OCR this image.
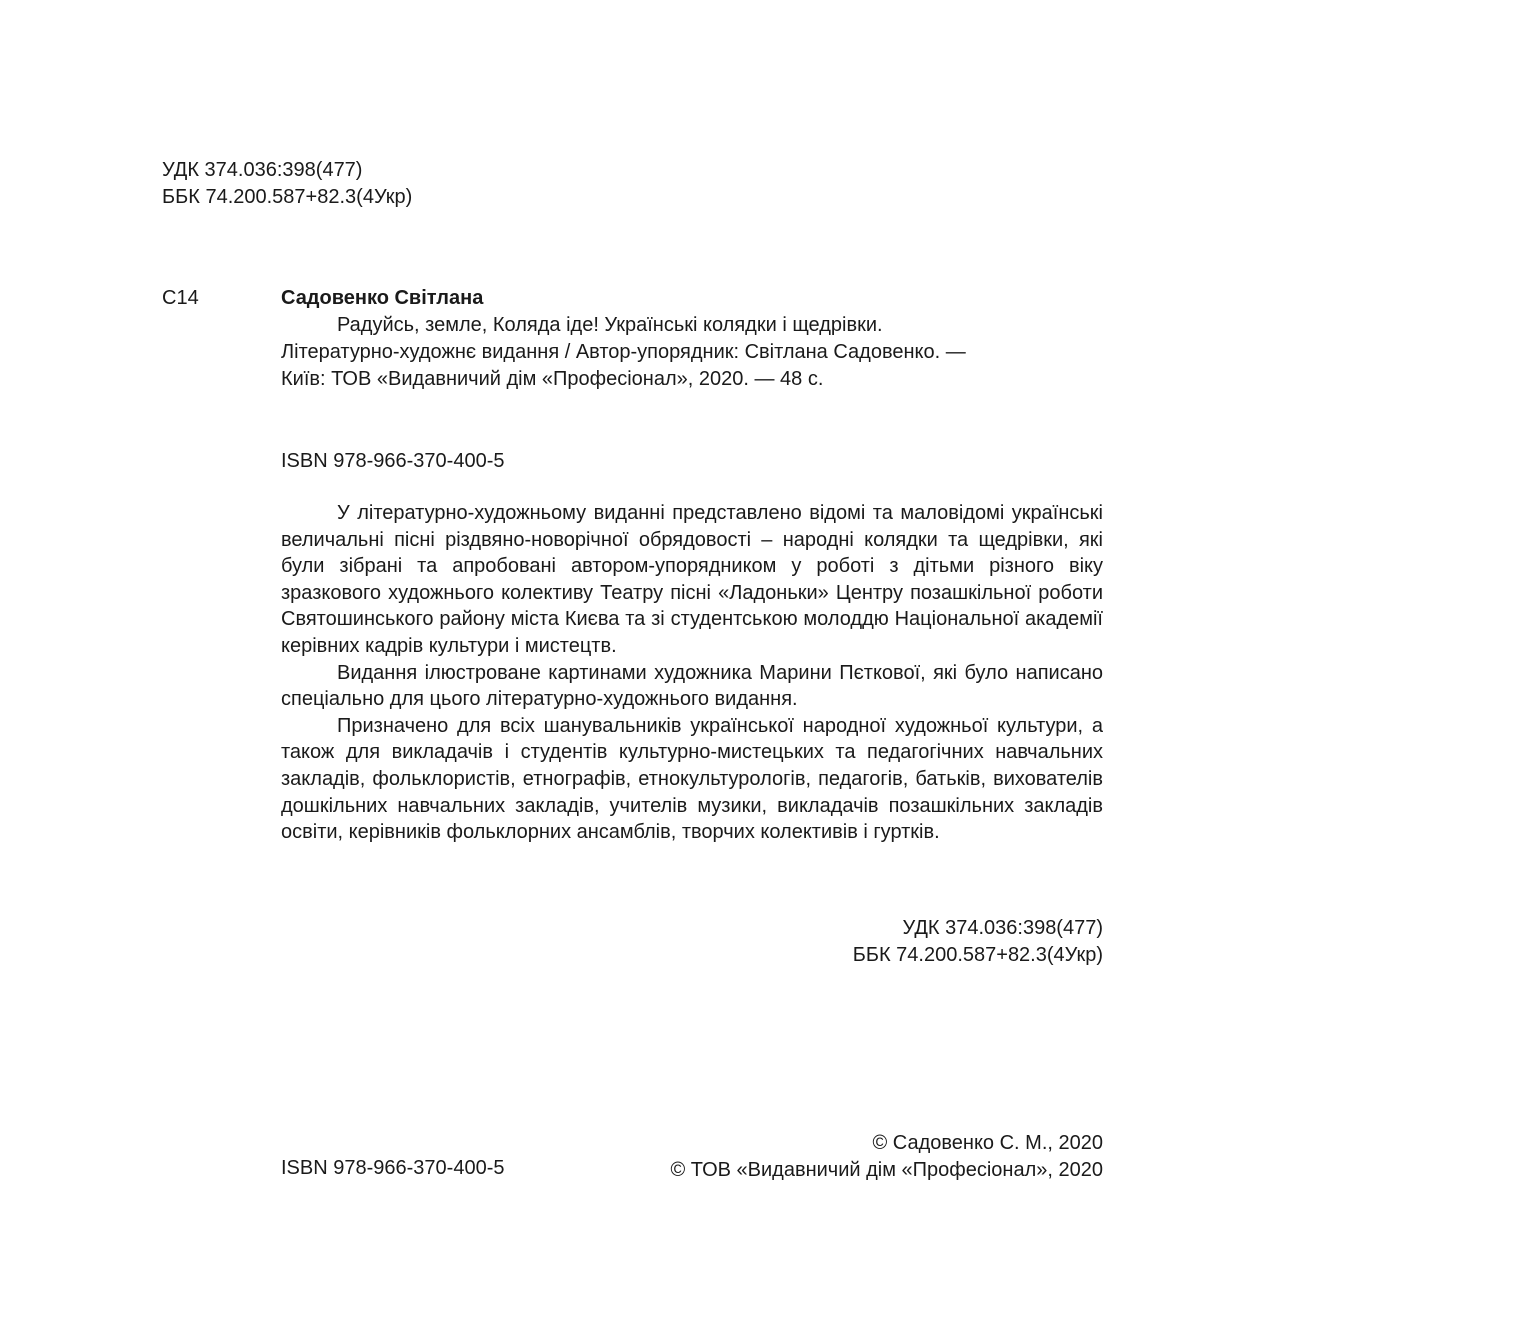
УДК 374.036:398(477)
ББК 74.200.587+82.3(4Укр)
С14	Садовенко Світлана
Радуйсь, земле, Коляда іде! Українські колядки і щедрівки.
Літературно-художнє видання / Автор-упорядник: Світлана Садовенко. —
Київ: ТОВ «Видавничий дім «Професіонал», 2020. — 48 с.
ISBN 978-966-370-400-5

У літературно-художньому виданні представлено відомі та маловідомі українські величальні пісні різдвяно-новорічної обрядовості – народні колядки та щедрівки, які були зібрані та апробовані автором-упорядником у роботі з дітьми різного віку зразкового художнього колективу Театру пісні «Ладоньки» Центру позашкільної роботи Святошинського району міста Києва та зі студентською молоддю Національної академії керівних кадрів культури і мистецтв.

Видання ілюстроване картинами художника Марини Пєткової, які було написано спеціально для цього літературно-художнього видання.

Призначено для всіх шанувальників української народної художньої культури, а також для викладачів і студентів культурно-мистецьких та педагогічних навчальних закладів, фольклористів, етнографів, етнокультурологів, педагогів, батьків, вихователів дошкільних навчальних закладів, учителів музики, викладачів позашкільних закладів освіти, керівників фольклорних ансамблів, творчих колективів і гуртків.

УДК 374.036:398(477)
ББК 74.200.587+82.3(4Укр)
ISBN 978-966-370-400-5
© Садовенко С. М., 2020
© ТОВ «Видавничий дім «Професіонал», 2020
